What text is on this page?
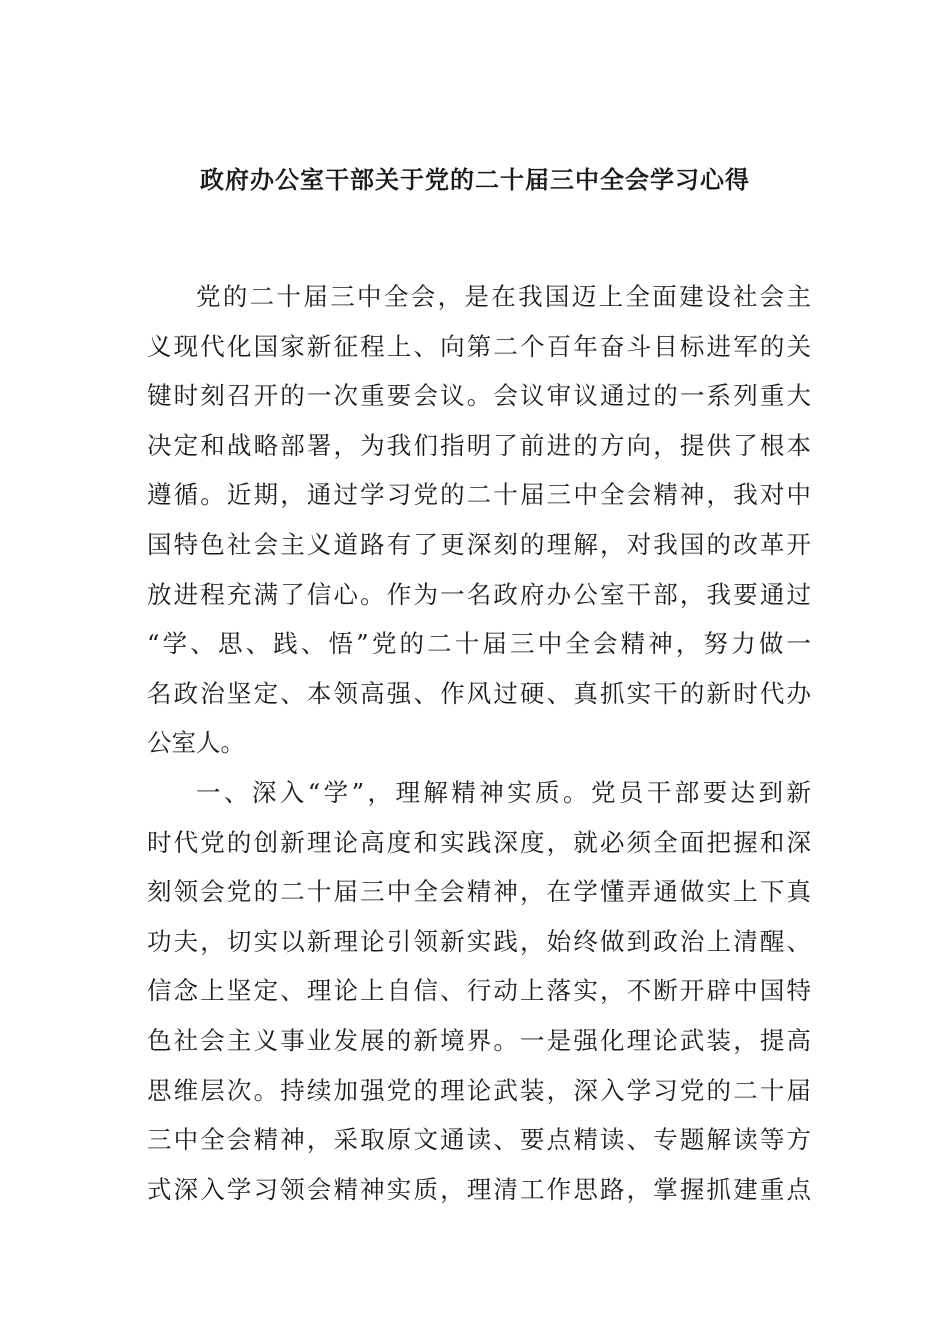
政府办公室干部关于党的二十届三中全会学习心得
党的二十届三中全会，是在我国迈上全面建设社会主
义现代化国家新征程上、向第二个百年奋斗目标进军的关
键时刻召开的一次重要会议。会议审议通过的一系列重大
决定和战略部署，为我们指明了前进的方向，提供了根本
遵循。近期，通过学习党的二十届三中全会精神，我对中
国特色社会主义道路有了更深刻的理解，对我国的改革开
放进程充满了信心。作为一名政府办公室干部，我要通过
“学、思、践、悟”党的二十届三中全会精神，努力做一
名政治坚定、本领高强、作风过硬、真抓实干的新时代办
公室人。
一、深入“学”，理解精神实质。党员干部要达到新
时代党的创新理论高度和实践深度，就必须全面把握和深
刻领会党的二十届三中全会精神，在学懂弄通做实上下真
功夫，切实以新理论引领新实践，始终做到政治上清醒、
信念上坚定、理论上自信、行动上落实，不断开辟中国特
色社会主义事业发展的新境界。一是强化理论武装，提高
思维层次。持续加强党的理论武装，深入学习党的二十届
三中全会精神，采取原文通读、要点精读、专题解读等方
式深入学习领会精神实质，理清工作思路，掌握抓建重点
